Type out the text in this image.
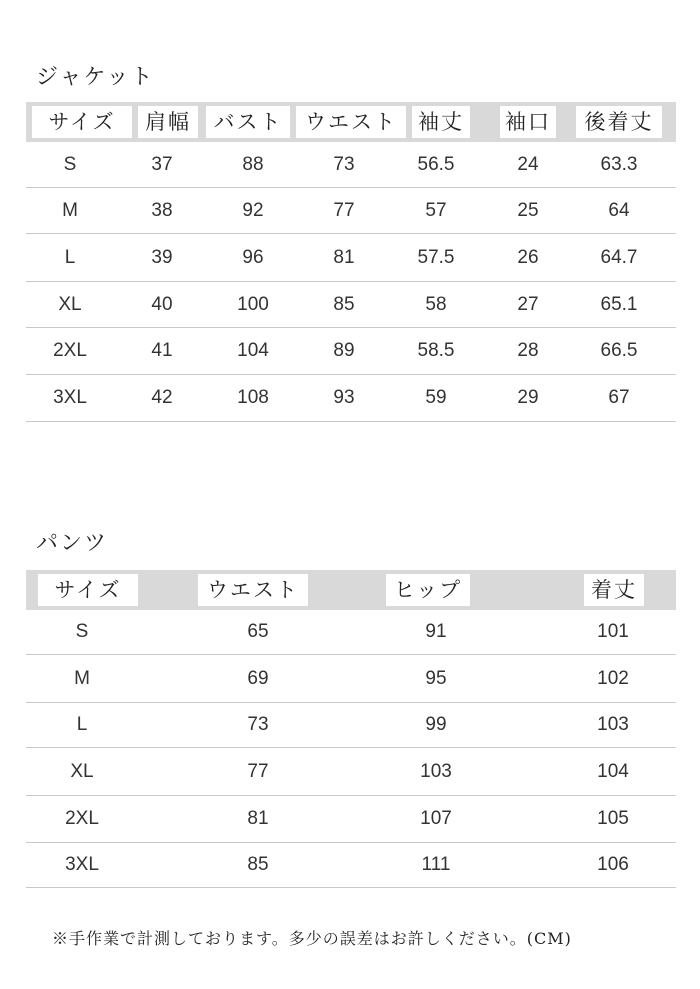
ジャケット
サイズ	肩幅	バスト	ウエスト	袖丈 袖口	後着丈
S	37	88	73	56.5	24	63.3
M	38	92	77	57	25	64
L	39	96	81	57.5	26	64.7
XL	40	100	85	58	27	65.1
2XL	41	104	89	58.5	28	66.5
3XL	42	108	93	59	29	67
パンツ
サイズ	ウエスト	ヒップ	着丈
S	65	91	101
M	69	95	102
L	73	99	103
XL	77	103	104
2XL	81	107	105
3XL	85	111	106
※手作業で計測しております。多少の誤差はお許しください。(CM)
